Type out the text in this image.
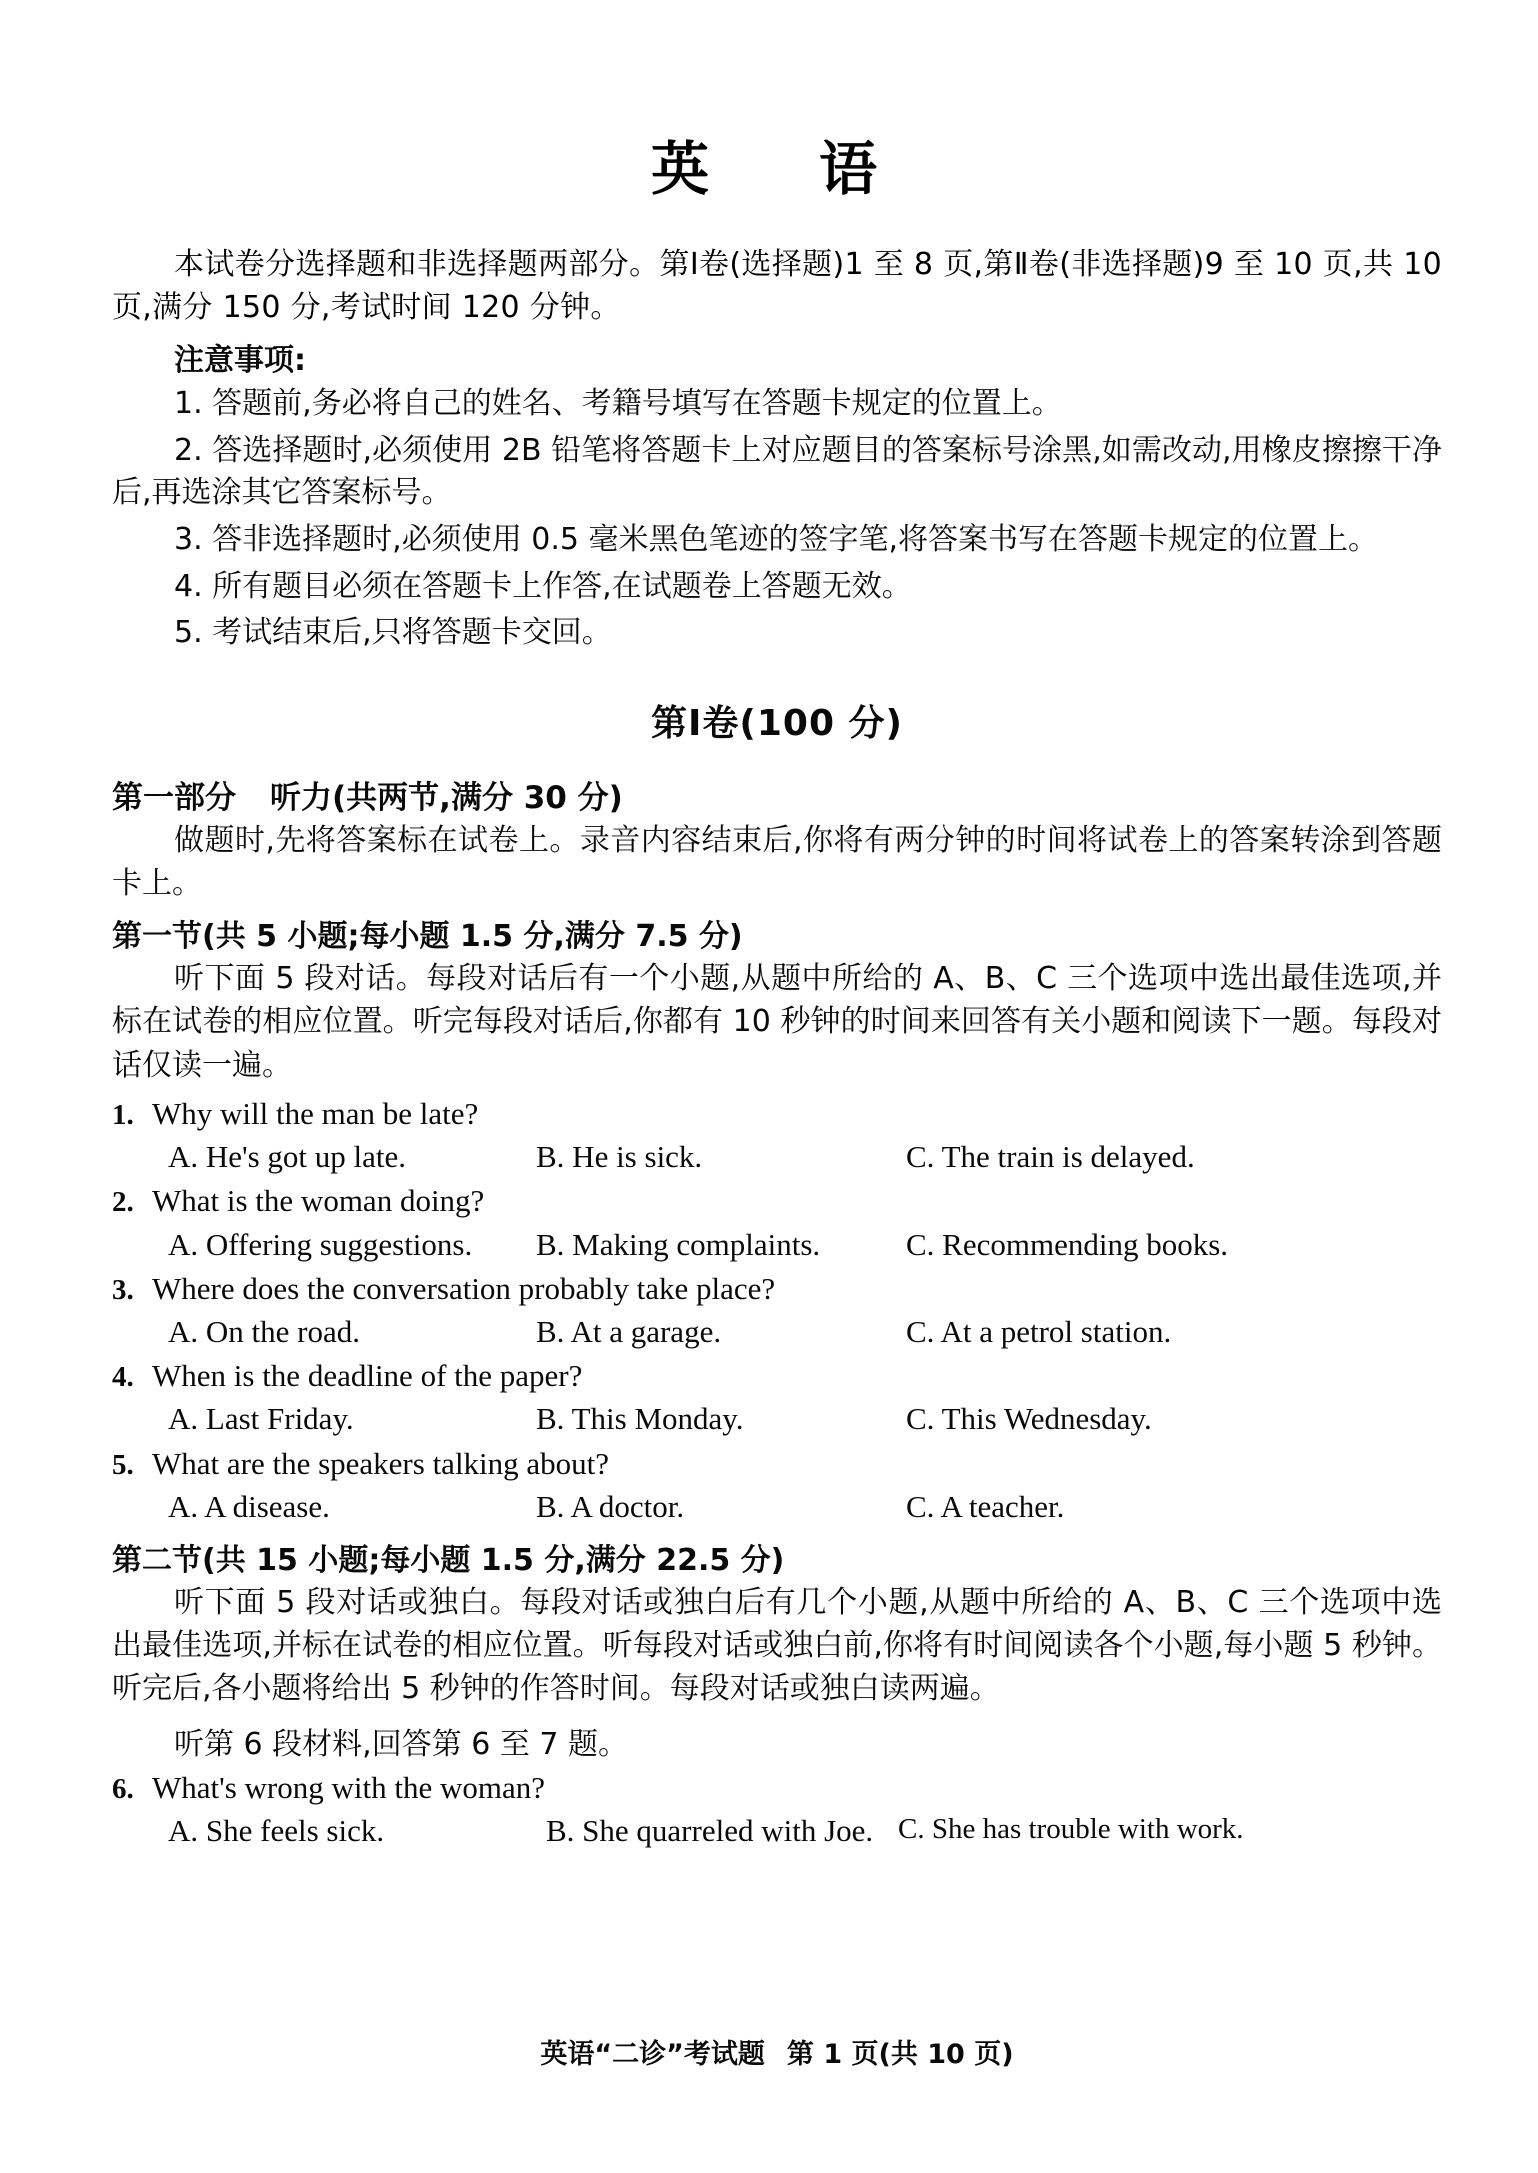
英　语
本试卷分选择题和非选择题两部分。第Ⅰ卷(选择题)1 至 8 页,第Ⅱ卷(非选择题)9 至 10 页,共 10 页,满分 150 分,考试时间 120 分钟。
注意事项:
1. 答题前,务必将自己的姓名、考籍号填写在答题卡规定的位置上。
2. 答选择题时,必须使用 2B 铅笔将答题卡上对应题目的答案标号涂黑,如需改动,用橡皮擦擦干净后,再选涂其它答案标号。
3. 答非选择题时,必须使用 0.5 毫米黑色笔迹的签字笔,将答案书写在答题卡规定的位置上。
4. 所有题目必须在答题卡上作答,在试题卷上答题无效。
5. 考试结束后,只将答题卡交回。
第Ⅰ卷(100 分)
第一部分 听力(共两节,满分 30 分)
做题时,先将答案标在试卷上。录音内容结束后,你将有两分钟的时间将试卷上的答案转涂到答题卡上。
第一节(共 5 小题;每小题 1.5 分,满分 7.5 分)
听下面 5 段对话。每段对话后有一个小题,从题中所给的 A、B、C 三个选项中选出最佳选项,并标在试卷的相应位置。听完每段对话后,你都有 10 秒钟的时间来回答有关小题和阅读下一题。每段对话仅读一遍。
1. Why will the man be late?
A. He's got up late.	B. He is sick.	C. The train is delayed.
2. What is the woman doing?
A. Offering suggestions.	B. Making complaints.	C. Recommending books.
3. Where does the conversation probably take place?
A. On the road.	B. At a garage.	C. At a petrol station.
4. When is the deadline of the paper?
A. Last Friday.	B. This Monday.	C. This Wednesday.
5. What are the speakers talking about?
A. A disease.	B. A doctor.	C. A teacher.
第二节(共 15 小题;每小题 1.5 分,满分 22.5 分)
听下面 5 段对话或独白。每段对话或独白后有几个小题,从题中所给的 A、B、C 三个选项中选出最佳选项,并标在试卷的相应位置。听每段对话或独白前,你将有时间阅读各个小题,每小题 5 秒钟。听完后,各小题将给出 5 秒钟的作答时间。每段对话或独白读两遍。
听第 6 段材料,回答第 6 至 7 题。
6. What's wrong with the woman?
A. She feels sick.	B. She quarreled with Joe. C. She has trouble with work.
英语“二诊”考试题 第 1 页(共 10 页)
